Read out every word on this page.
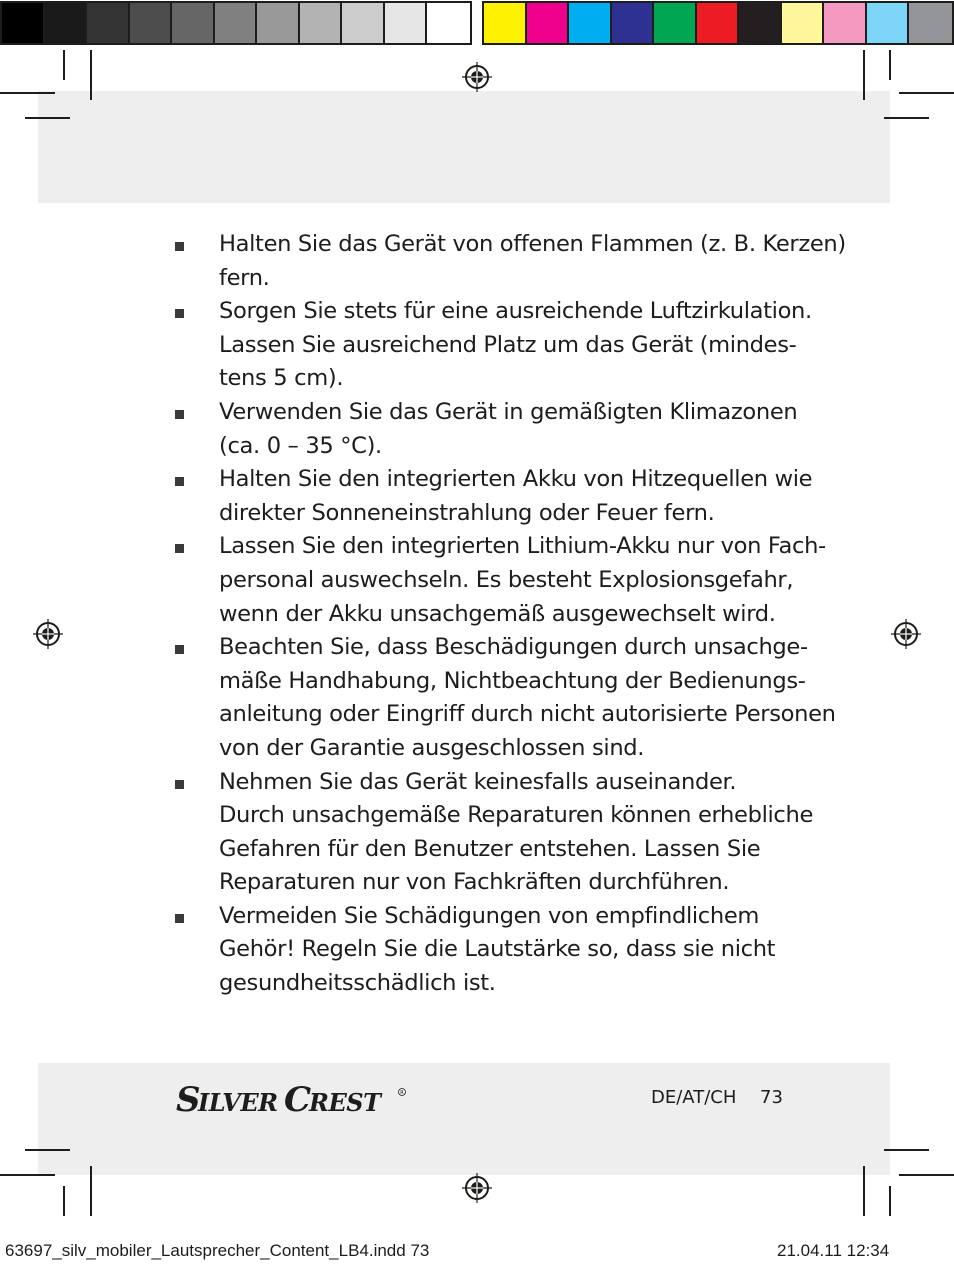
Halten Sie das Gerät von offenen Flammen (z. B. Kerzen)
fern.
Sorgen Sie stets für eine ausreichende Luftzirkulation.
Lassen Sie ausreichend Platz um das Gerät (mindes-
tens 5 cm).
Verwenden Sie das Gerät in gemäßigten Klimazonen
(ca. 0 – 35 °C).
Halten Sie den integrierten Akku von Hitzequellen wie
direkter Sonneneinstrahlung oder Feuer fern.
Lassen Sie den integrierten Lithium-Akku nur von Fach-
personal auswechseln. Es besteht Explosionsgefahr,
wenn der Akku unsachgemäß ausgewechselt wird.
Beachten Sie, dass Beschädigungen durch unsachge-
mäße Handhabung, Nichtbeachtung der Bedienungs-
anleitung oder Eingriff durch nicht autorisierte Personen
von der Garantie ausgeschlossen sind.
Nehmen Sie das Gerät keinesfalls auseinander.
Durch unsachgemäße Reparaturen können erhebliche
Gefahren für den Benutzer entstehen. Lassen Sie
Reparaturen nur von Fachkräften durchführen.
Vermeiden Sie Schädigungen von empfindlichem
Gehör! Regeln Sie die Lautstärke so, dass sie nicht
gesundheitsschädlich ist.
S
ILVER C
REST	R	DE/AT/CH 73
63697_silv_mobiler_Lautsprecher_Content_LB4.indd 73	21.04.11 12:34
